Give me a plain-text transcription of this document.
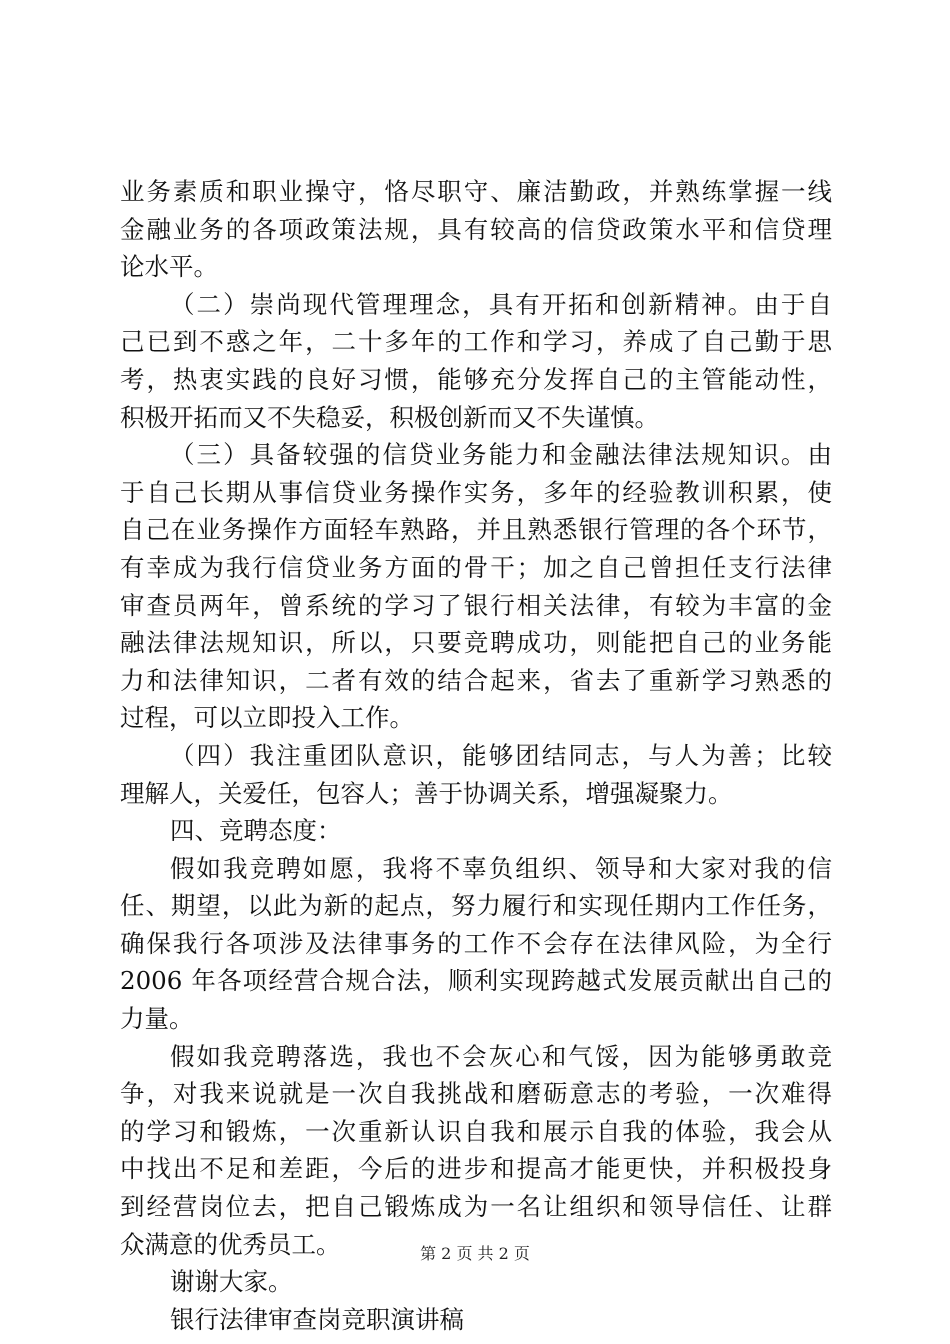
业务素质和职业操守，恪尽职守、廉洁勤政，并熟练掌握一线
金融业务的各项政策法规，具有较高的信贷政策水平和信贷理
论水平。
（二）崇尚现代管理理念，具有开拓和创新精神。由于自
己已到不惑之年，二十多年的工作和学习，养成了自己勤于思
考，热衷实践的良好习惯，能够充分发挥自己的主管能动性，
积极开拓而又不失稳妥，积极创新而又不失谨慎。
（三）具备较强的信贷业务能力和金融法律法规知识。由
于自己长期从事信贷业务操作实务，多年的经验教训积累，使
自己在业务操作方面轻车熟路，并且熟悉银行管理的各个环节，
有幸成为我行信贷业务方面的骨干；加之自己曾担任支行法律
审查员两年，曾系统的学习了银行相关法律，有较为丰富的金
融法律法规知识，所以，只要竞聘成功，则能把自己的业务能
力和法律知识，二者有效的结合起来，省去了重新学习熟悉的
过程，可以立即投入工作。
（四）我注重团队意识，能够团结同志，与人为善；比较
理解人，关爱任，包容人；善于协调关系，增强凝聚力。
四、竞聘态度：
假如我竞聘如愿，我将不辜负组织、领导和大家对我的信
任、期望，以此为新的起点，努力履行和实现任期内工作任务，
确保我行各项涉及法律事务的工作不会存在法律风险，为全行
2006 年各项经营合规合法，顺利实现跨越式发展贡献出自己的
力量。
假如我竞聘落选，我也不会灰心和气馁，因为能够勇敢竞
争，对我来说就是一次自我挑战和磨砺意志的考验，一次难得
的学习和锻炼，一次重新认识自我和展示自我的体验，我会从
中找出不足和差距，今后的进步和提高才能更快，并积极投身
到经营岗位去，把自己锻炼成为一名让组织和领导信任、让群
众满意的优秀员工。
谢谢大家。
银行法律审查岗竞职演讲稿
第 2 页 共 2 页
